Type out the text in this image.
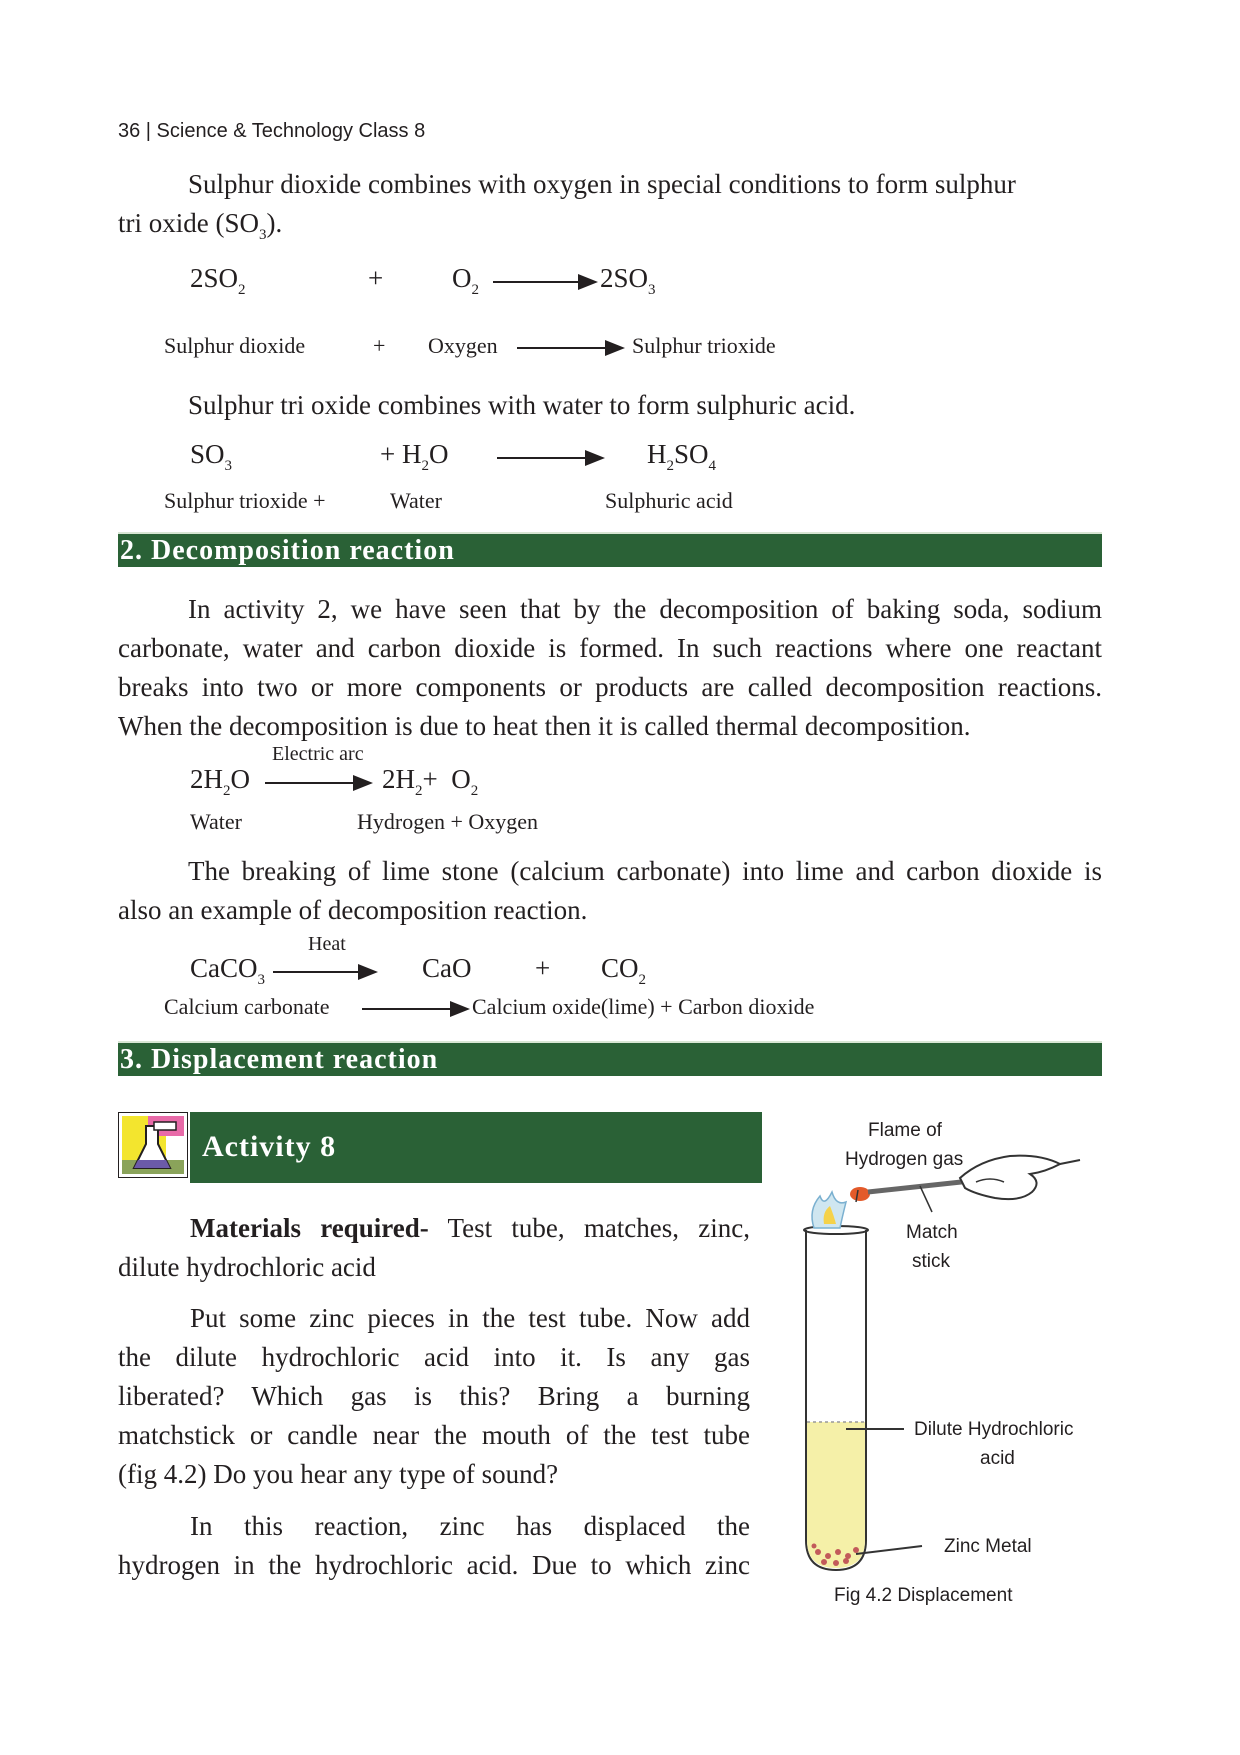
36 | Science & Technology Class 8
Sulphur dioxide combines with oxygen in special conditions to form sulphur
tri oxide $(SO_3)$.
$2SO_2$	+	$O_2$	$2SO_3$
Sulphur dioxide	+ Oxygen	Sulphur trioxide
Sulphur tri oxide combines with water to form sulphuric acid.
$SO_3$	+ $H_2O$	$H_2SO_4$
Sulphur trioxide +	Water	Sulphuric acid
2. Decomposition reaction
In activity 2, we have seen that by the decomposition of baking soda, sodium
carbonate, water and carbon dioxide is formed. In such reactions where one reactant
breaks into two or more components or products are called decomposition reactions.
When the decomposition is due to heat then it is called thermal decomposition.
Electric arc
$2H_2O$	$2H_2+ O_2$
Water	Hydrogen + Oxygen
The breaking of lime stone (calcium carbonate) into lime and carbon dioxide is
also an example of decomposition reaction.
Heat
CaCO$_3$	CaO + $CO_2$
Calcium carbonate	Calcium oxide(lime) + Carbon dioxide
3. Displacement reaction
Activity 8
Materials required- Test tube, matches, zinc,
dilute hydrochloric acid
Put some zinc pieces in the test tube. Now add
the dilute hydrochloric acid into it. Is any gas
liberated? Which gas is this? Bring a burning
matchstick or candle near the mouth of the test tube
(fig 4.2) Do you hear any type of sound?
In this reaction, zinc has displaced the
hydrogen in the hydrochloric acid. Due to which zinc
Flame of
Hydrogen gas
Match
stick
Dilute Hydrochloric
acid
Zinc Metal
Fig 4.2 Displacement
